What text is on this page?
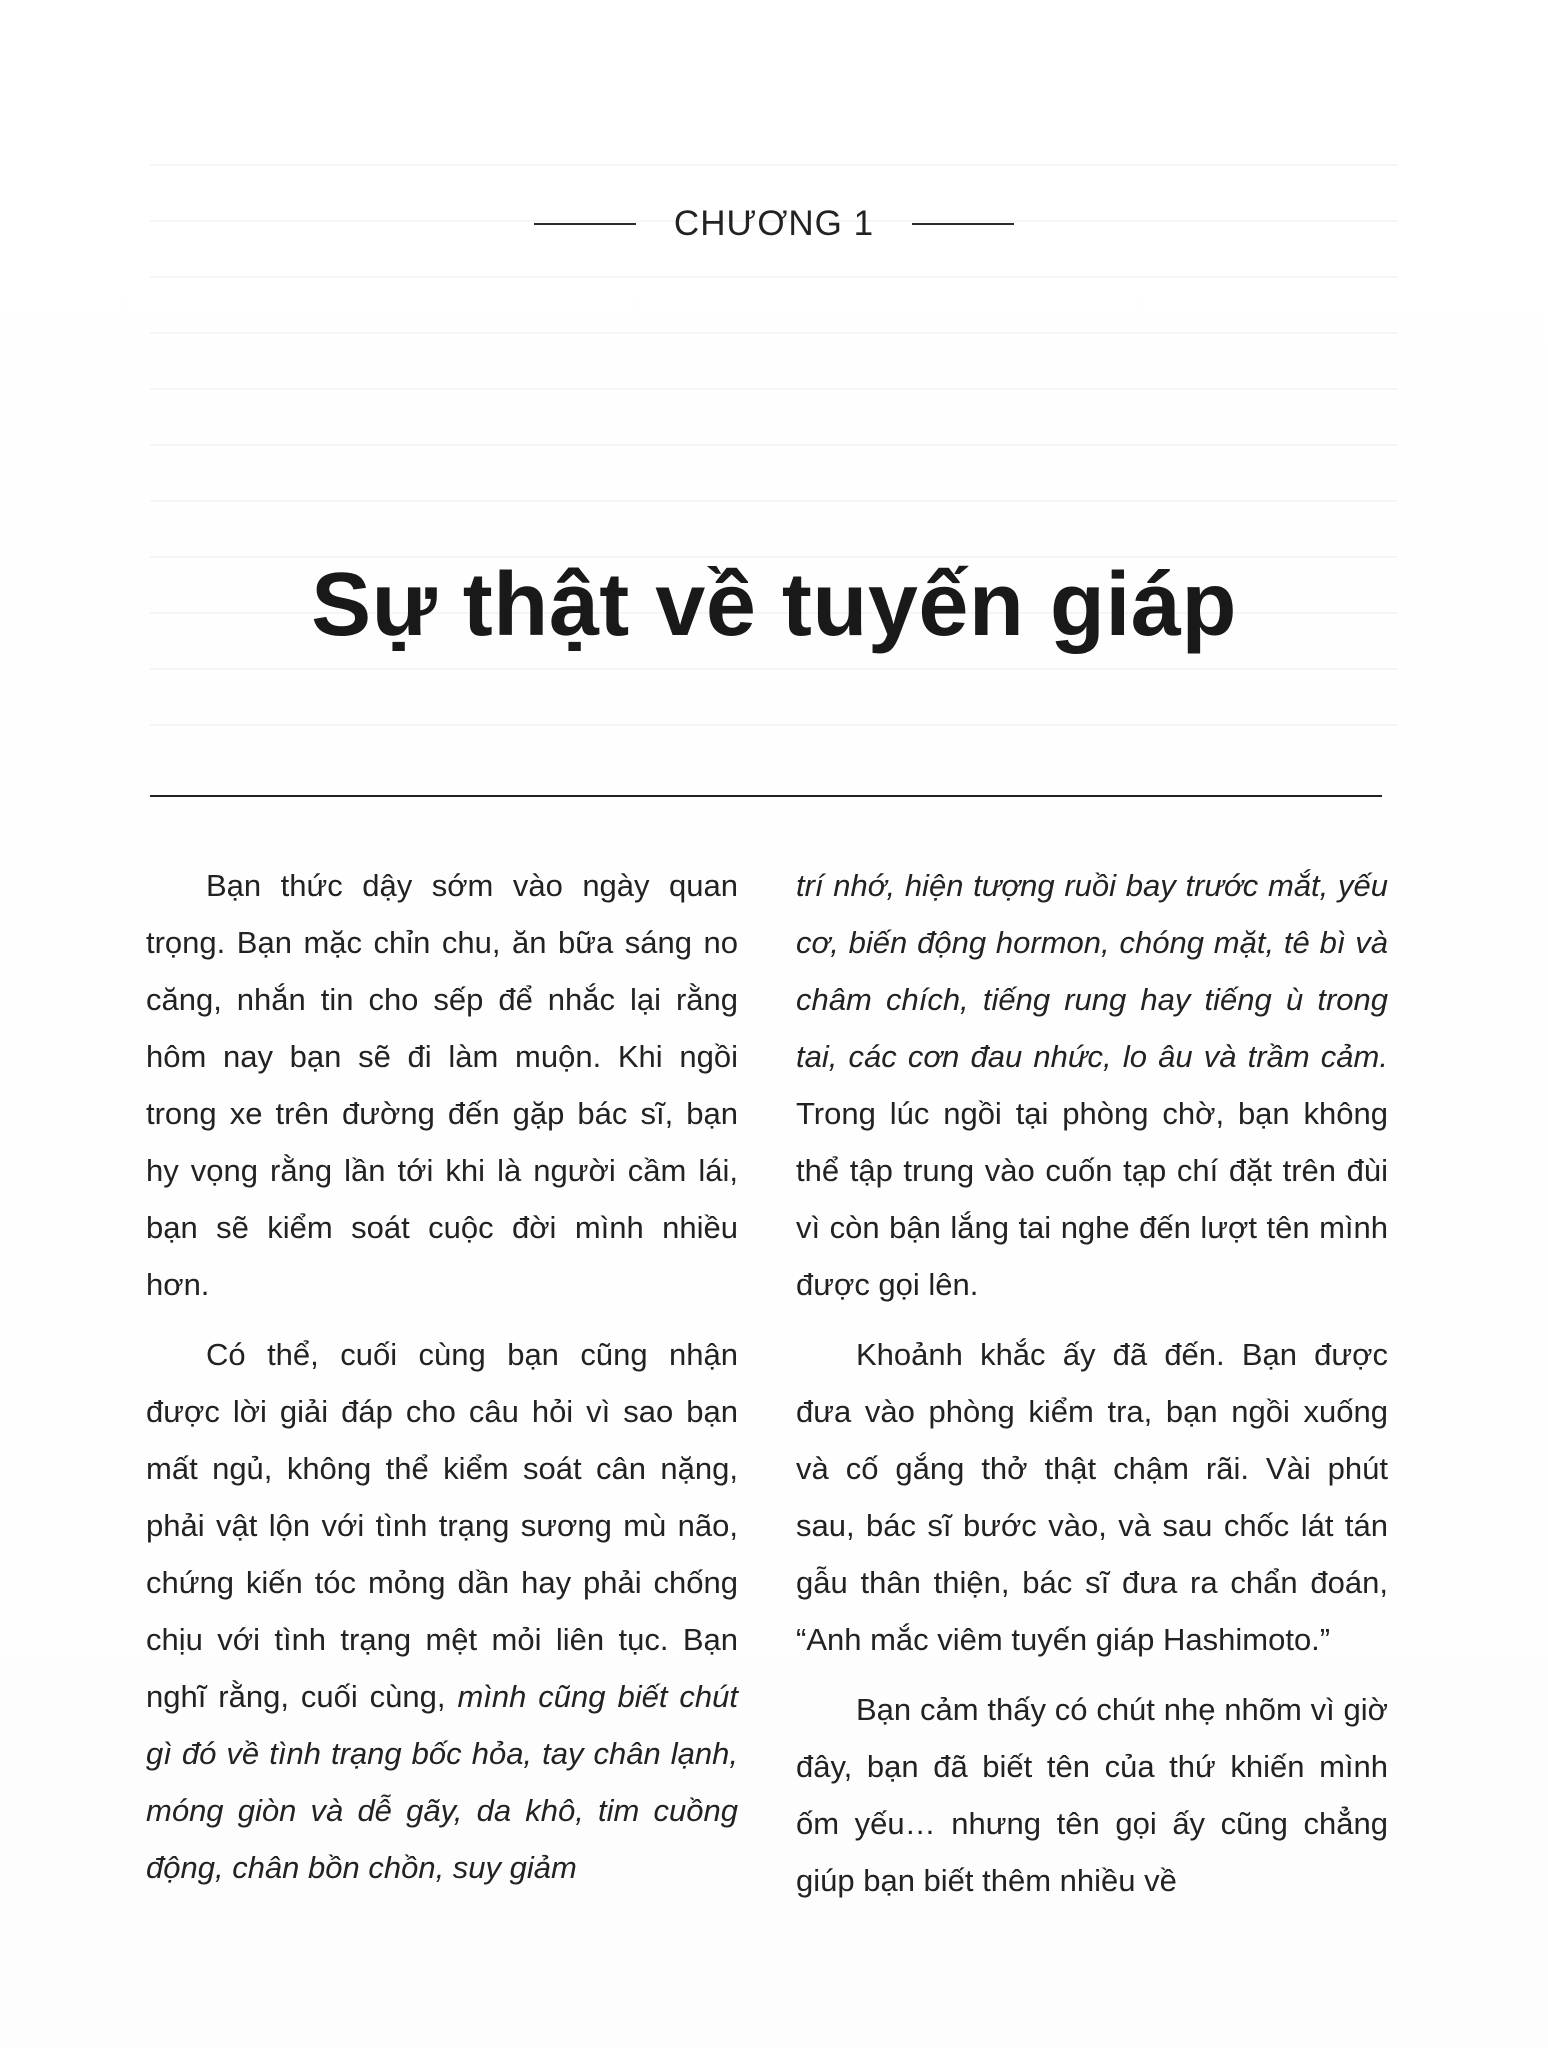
CHƯƠNG 1
Sự thật về tuyến giáp

Bạn thức dậy sớm vào ngày quan trọng. Bạn mặc chỉn chu, ăn bữa sáng no căng, nhắn tin cho sếp để nhắc lại rằng hôm nay bạn sẽ đi làm muộn. Khi ngồi trong xe trên đường đến gặp bác sĩ, bạn hy vọng rằng lần tới khi là người cầm lái, bạn sẽ kiểm soát cuộc đời mình nhiều hơn.

Có thể, cuối cùng bạn cũng nhận được lời giải đáp cho câu hỏi vì sao bạn mất ngủ, không thể kiểm soát cân nặng, phải vật lộn với tình trạng sương mù não, chứng kiến tóc mỏng dần hay phải chống chịu với tình trạng mệt mỏi liên tục. Bạn nghĩ rằng, cuối cùng, mình cũng biết chút gì đó về tình trạng bốc hỏa, tay chân lạnh, móng giòn và dễ gãy, da khô, tim cuồng động, chân bồn chồn, suy giảm

trí nhớ, hiện tượng ruồi bay trước mắt, yếu cơ, biến động hormon, chóng mặt, tê bì và châm chích, tiếng rung hay tiếng ù trong tai, các cơn đau nhức, lo âu và trầm cảm. Trong lúc ngồi tại phòng chờ, bạn không thể tập trung vào cuốn tạp chí đặt trên đùi vì còn bận lắng tai nghe đến lượt tên mình được gọi lên.

Khoảnh khắc ấy đã đến. Bạn được đưa vào phòng kiểm tra, bạn ngồi xuống và cố gắng thở thật chậm rãi. Vài phút sau, bác sĩ bước vào, và sau chốc lát tán gẫu thân thiện, bác sĩ đưa ra chẩn đoán, “Anh mắc viêm tuyến giáp Hashimoto.”

Bạn cảm thấy có chút nhẹ nhõm vì giờ đây, bạn đã biết tên của thứ khiến mình ốm yếu… nhưng tên gọi ấy cũng chẳng giúp bạn biết thêm nhiều về
